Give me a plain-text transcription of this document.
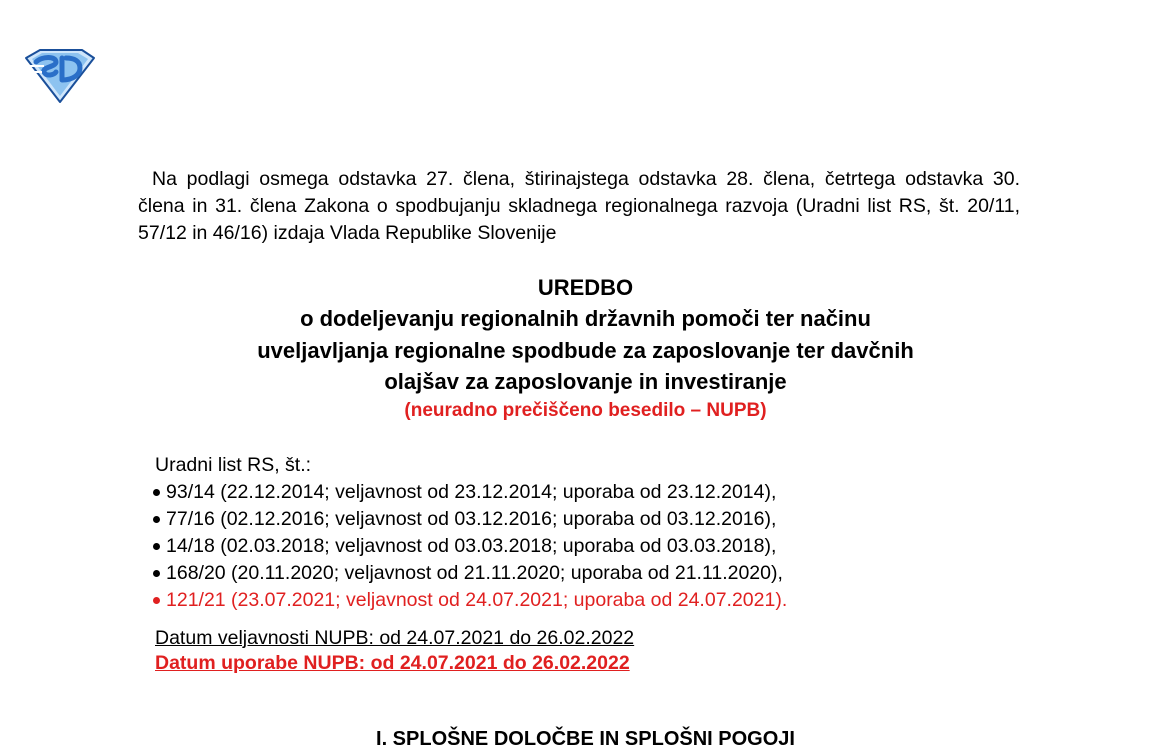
Na podlagi osmega odstavka 27. člena, štirinajstega odstavka 28. člena, četrtega odstavka 30. člena in 31. člena Zakona o spodbujanju skladnega regionalnega razvoja (Uradni list RS, št. 20/11, 57/12 in 46/16) izdaja Vlada Republike Slovenije

UREDBO
o dodeljevanju regionalnih državnih pomoči ter načinu
uveljavljanja regionalne spodbude za zaposlovanje ter davčnih
olajšav za zaposlovanje in investiranje
(neuradno prečiščeno besedilo – NUPB)

Uradni list RS, št.:

93/14 (22.12.2014; veljavnost od 23.12.2014; uporaba od 23.12.2014),
77/16 (02.12.2016; veljavnost od 03.12.2016; uporaba od 03.12.2016),
14/18 (02.03.2018; veljavnost od 03.03.2018; uporaba od 03.03.2018),
168/20 (20.11.2020; veljavnost od 21.11.2020; uporaba od 21.11.2020),
121/21 (23.07.2021; veljavnost od 24.07.2021; uporaba od 24.07.2021).
Datum veljavnosti NUPB: od 24.07.2021 do 26.02.2022
Datum uporabe NUPB: od 24.07.2021 do 26.02.2022

I. SPLOŠNE DOLOČBE IN SPLOŠNI POGOJI
